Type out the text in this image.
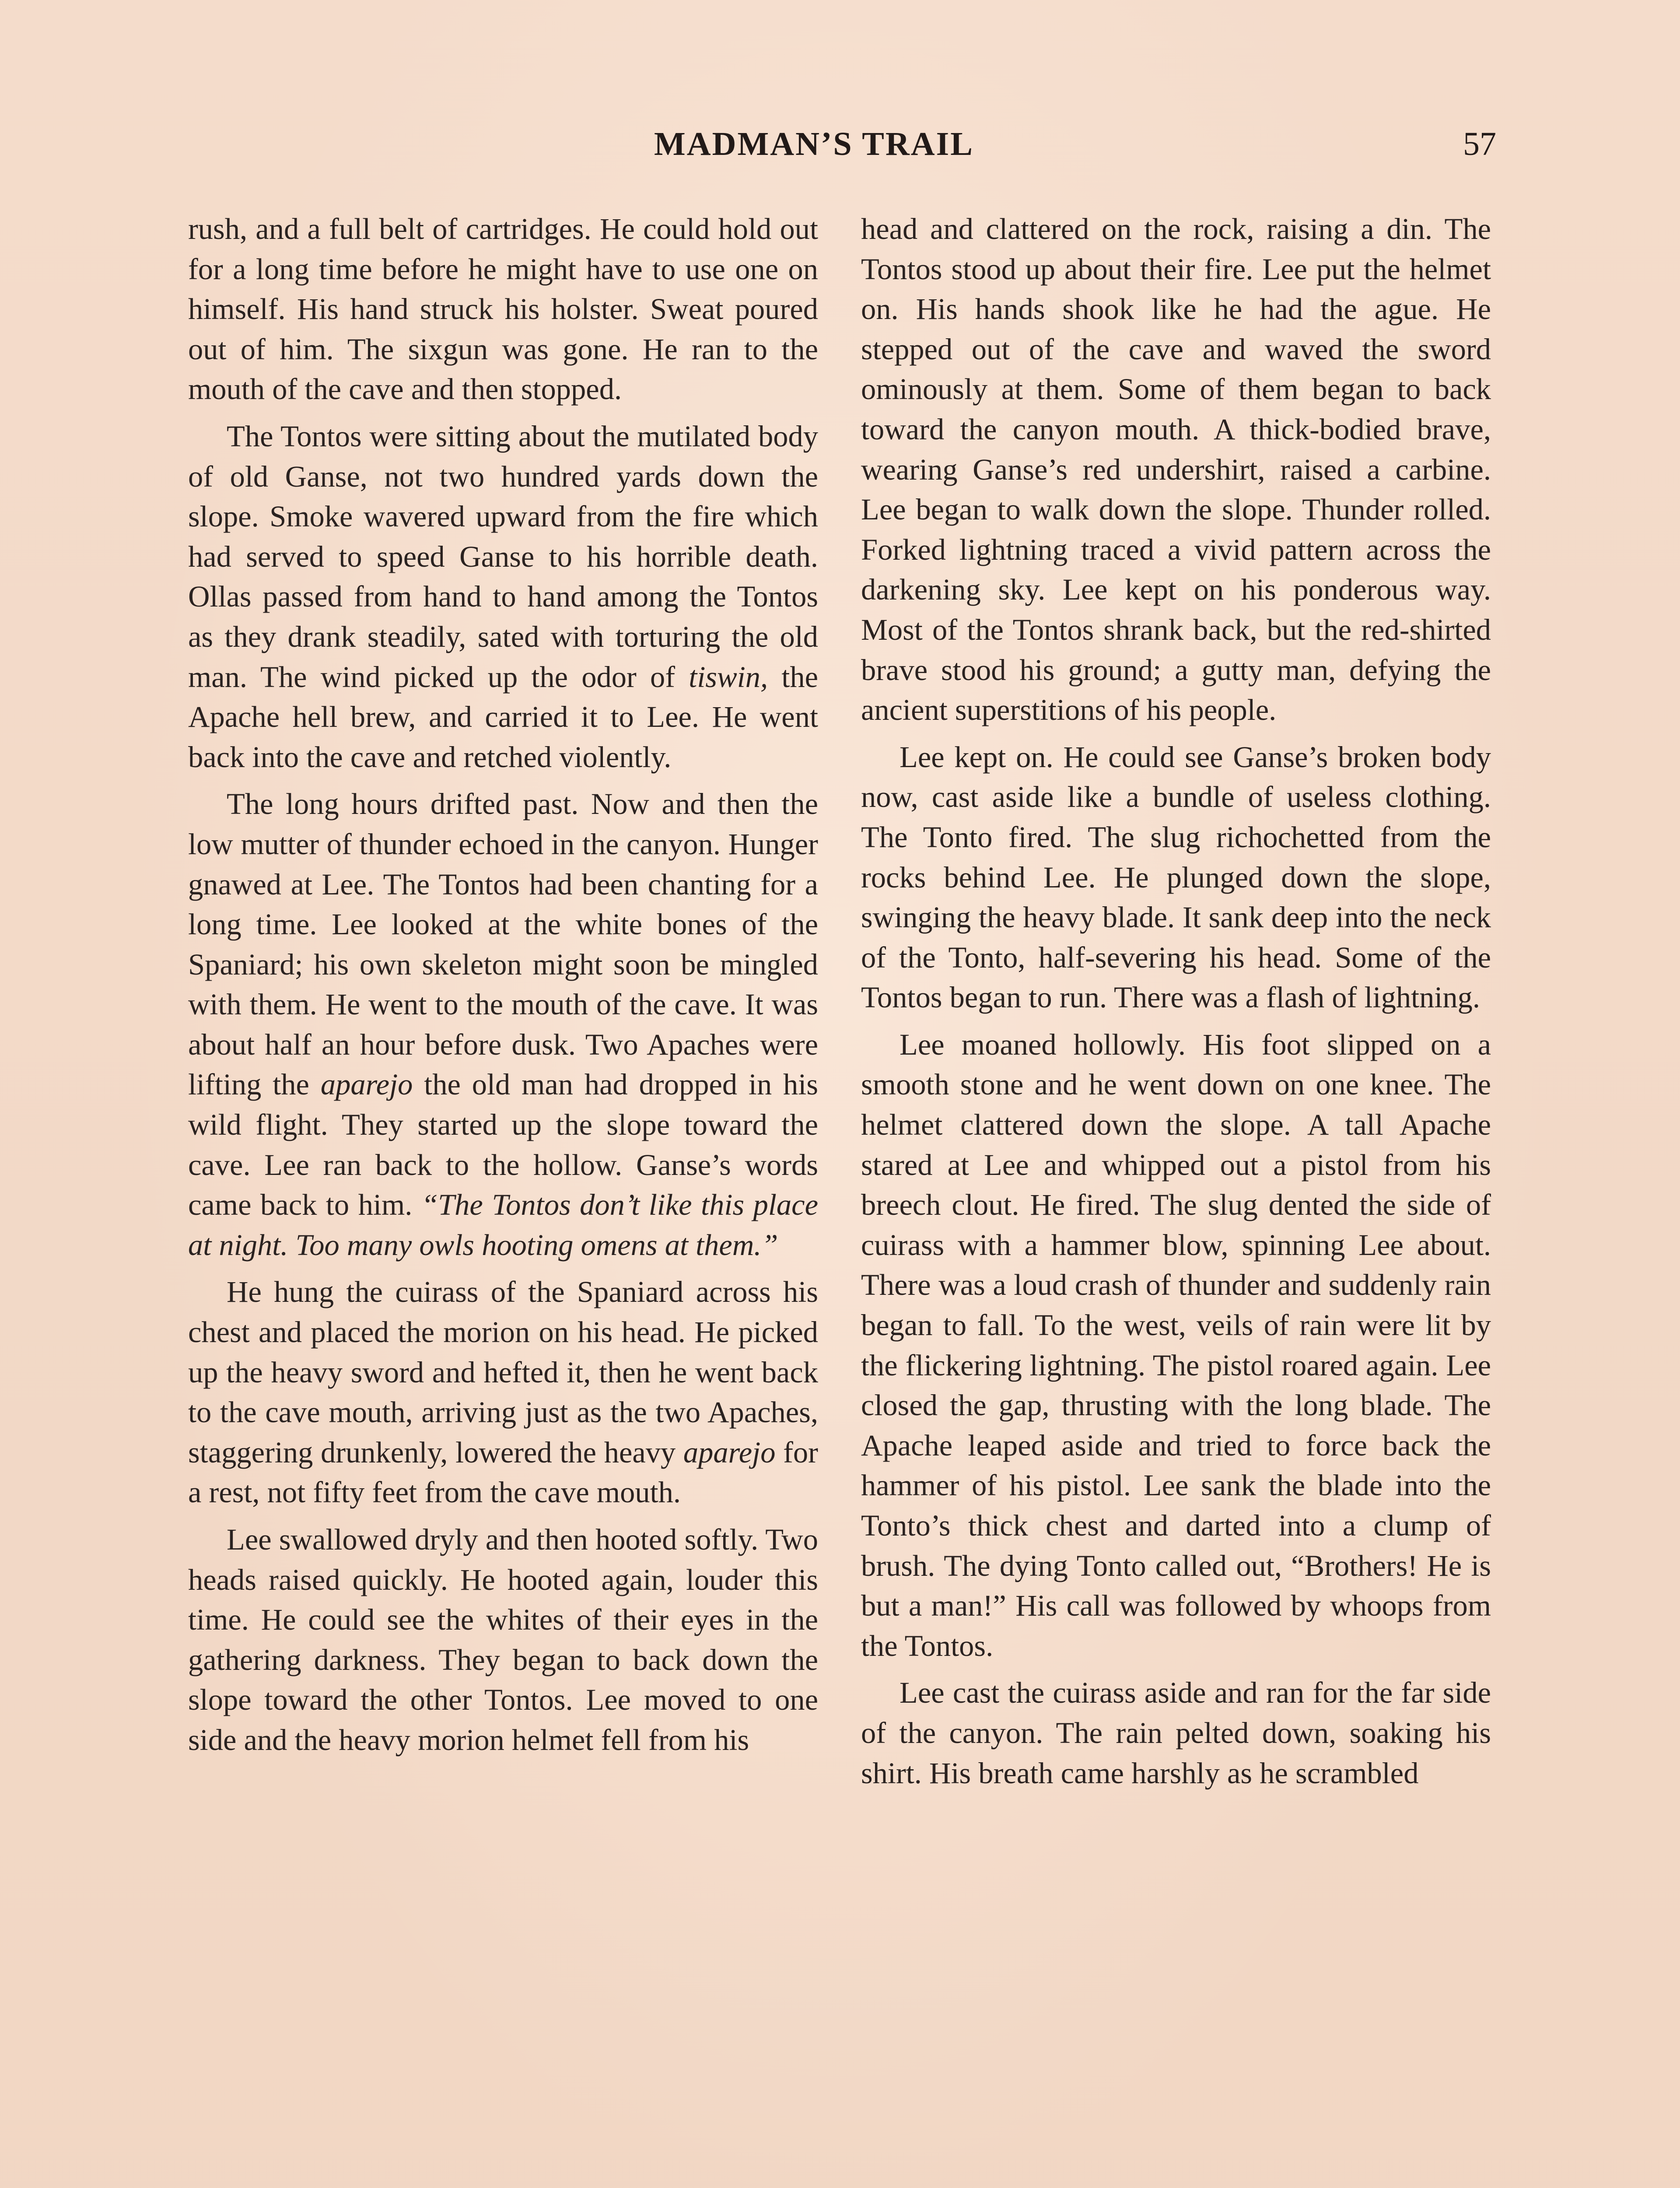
MADMAN’S TRAIL	57

rush, and a full belt of cartridges. He could hold out for a long time before he might have to use one on himself. His hand struck his holster. Sweat poured out of him. The sixgun was gone. He ran to the mouth of the cave and then stopped.

The Tontos were sitting about the mutilated body of old Ganse, not two hundred yards down the slope. Smoke wavered upward from the fire which had served to speed Ganse to his horrible death. Ollas passed from hand to hand among the Tontos as they drank steadily, sated with torturing the old man. The wind picked up the odor of tiswin, the Apache hell brew, and carried it to Lee. He went back into the cave and retched violently.

The long hours drifted past. Now and then the low mutter of thunder echoed in the canyon. Hunger gnawed at Lee. The Tontos had been chanting for a long time. Lee looked at the white bones of the Spaniard; his own skeleton might soon be mingled with them. He went to the mouth of the cave. It was about half an hour before dusk. Two Apaches were lifting the aparejo the old man had dropped in his wild flight. They started up the slope toward the cave. Lee ran back to the hollow. Ganse’s words came back to him. “The Tontos don’t like this place at night. Too many owls hooting omens at them.”

He hung the cuirass of the Spaniard across his chest and placed the morion on his head. He picked up the heavy sword and hefted it, then he went back to the cave mouth, arriving just as the two Apaches, staggering drunkenly, lowered the heavy aparejo for a rest, not fifty feet from the cave mouth.

Lee swallowed dryly and then hooted softly. Two heads raised quickly. He hooted again, louder this time. He could see the whites of their eyes in the gathering darkness. They began to back down the slope toward the other Tontos. Lee moved to one side and the heavy morion helmet fell from his

head and clattered on the rock, raising a din. The Tontos stood up about their fire. Lee put the helmet on. His hands shook like he had the ague. He stepped out of the cave and waved the sword ominously at them. Some of them began to back toward the canyon mouth. A thick-bodied brave, wearing Ganse’s red undershirt, raised a carbine. Lee began to walk down the slope. Thunder rolled. Forked lightning traced a vivid pattern across the darkening sky. Lee kept on his ponderous way. Most of the Tontos shrank back, but the red-shirted brave stood his ground; a gutty man, defying the ancient superstitions of his people.

Lee kept on. He could see Ganse’s broken body now, cast aside like a bundle of useless clothing. The Tonto fired. The slug richochetted from the rocks behind Lee. He plunged down the slope, swinging the heavy blade. It sank deep into the neck of the Tonto, half-severing his head. Some of the Tontos began to run. There was a flash of lightning.

Lee moaned hollowly. His foot slipped on a smooth stone and he went down on one knee. The helmet clattered down the slope. A tall Apache stared at Lee and whipped out a pistol from his breech clout. He fired. The slug dented the side of cuirass with a hammer blow, spinning Lee about. There was a loud crash of thunder and suddenly rain began to fall. To the west, veils of rain were lit by the flickering lightning. The pistol roared again. Lee closed the gap, thrusting with the long blade. The Apache leaped aside and tried to force back the hammer of his pistol. Lee sank the blade into the Tonto’s thick chest and darted into a clump of brush. The dying Tonto called out, “Brothers! He is but a man!” His call was followed by whoops from the Tontos.

Lee cast the cuirass aside and ran for the far side of the canyon. The rain pelted down, soaking his shirt. His breath came harshly as he scrambled
